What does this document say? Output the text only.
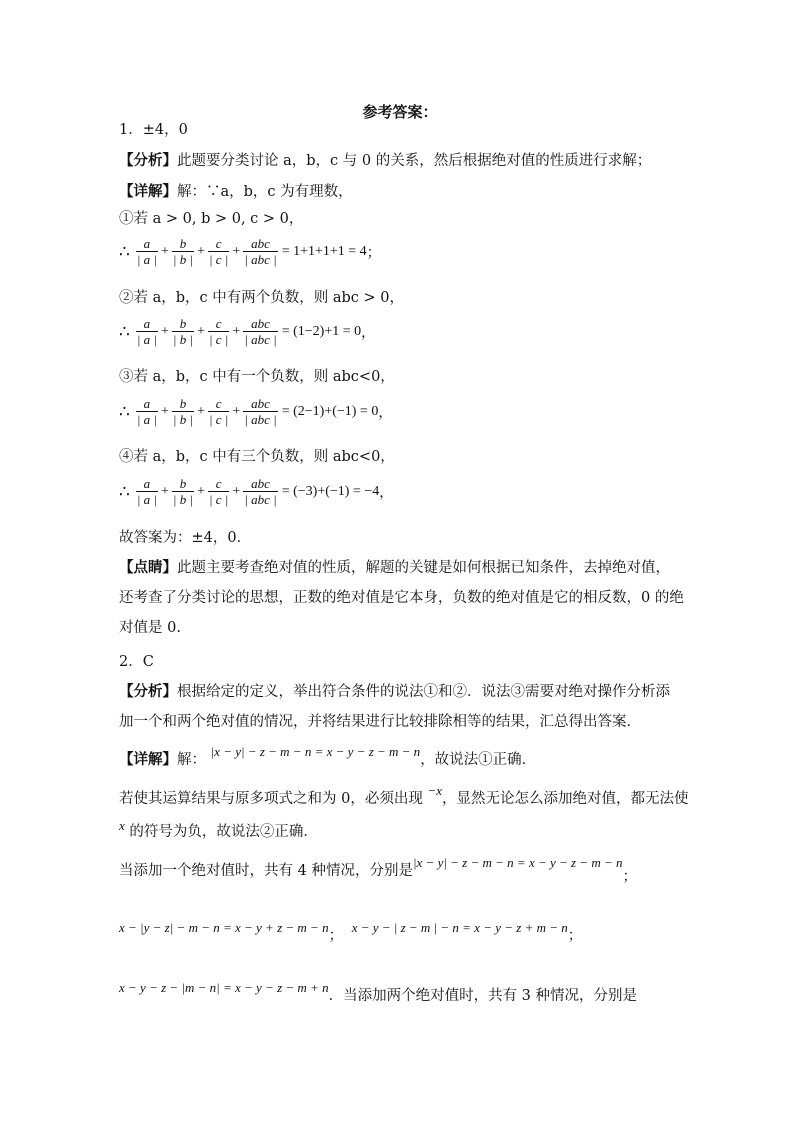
参考答案：
1．±4，0
【分析】此题要分类讨论 a，b，c 与 0 的关系，然后根据绝对值的性质进行求解；
【详解】解：∵a，b，c 为有理数，
①若 a > 0, b > 0, c > 0，
∴ $\frac{a}{| a |} + \frac{b}{| b |} + \frac{c}{| c |} + \frac{\text{abc}}{\text{| abc |}} = 1+1+1+1 = 4$ ；
②若 a，b，c 中有两个负数，则 abc > 0，
∴ $\frac{a}{| a |} + \frac{b}{| b |} + \frac{c}{| c |} + \frac{\text{abc}}{\text{| abc |}} = (1-2)+1 = 0$ ，
③若 a，b，c 中有一个负数，则 abc<0，
∴ $\frac{a}{| a |} + \frac{b}{| b |} + \frac{c}{| c |} + \frac{\text{abc}}{\text{| abc |}} = (2-1)+(-1) = 0$ ，
④若 a，b，c 中有三个负数，则 abc<0，
∴ $\frac{a}{| a |} + \frac{b}{| b |} + \frac{c}{| c |} + \frac{\text{abc}}{\text{| abc |}} = (-3)+(-1) = -4$ ，
故答案为：±4，0．
【点睛】此题主要考查绝对值的性质，解题的关键是如何根据已知条件，去掉绝对值，还考查了分类讨论的思想，正数的绝对值是它本身，负数的绝对值是它的相反数，0 的绝对值是 0.
2．C
【分析】根据给定的定义，举出符合条件的说法①和②．说法③需要对绝对操作分析添加一个和两个绝对值的情况，并将结果进行比较排除相等的结果，汇总得出答案．
【详解】解： |x − y| − z − m − n = x − y − z − m − n，故说法①正确．
若使其运算结果与原多项式之和为 0，必须出现 −x，显然无论怎么添加绝对值，都无法使
x 的符号为负，故说法②正确．
当添加一个绝对值时，共有 4 种情况，分别是|x − y| − z − m − n = x − y − z − m − n；
x − |y − z| − m − n = x − y + z − m − n； x − y − | z − m | − n = x − y − z + m − n；
x − y − z − |m − n| = x − y − z − m + n．当添加两个绝对值时，共有 3 种情况，分别是
